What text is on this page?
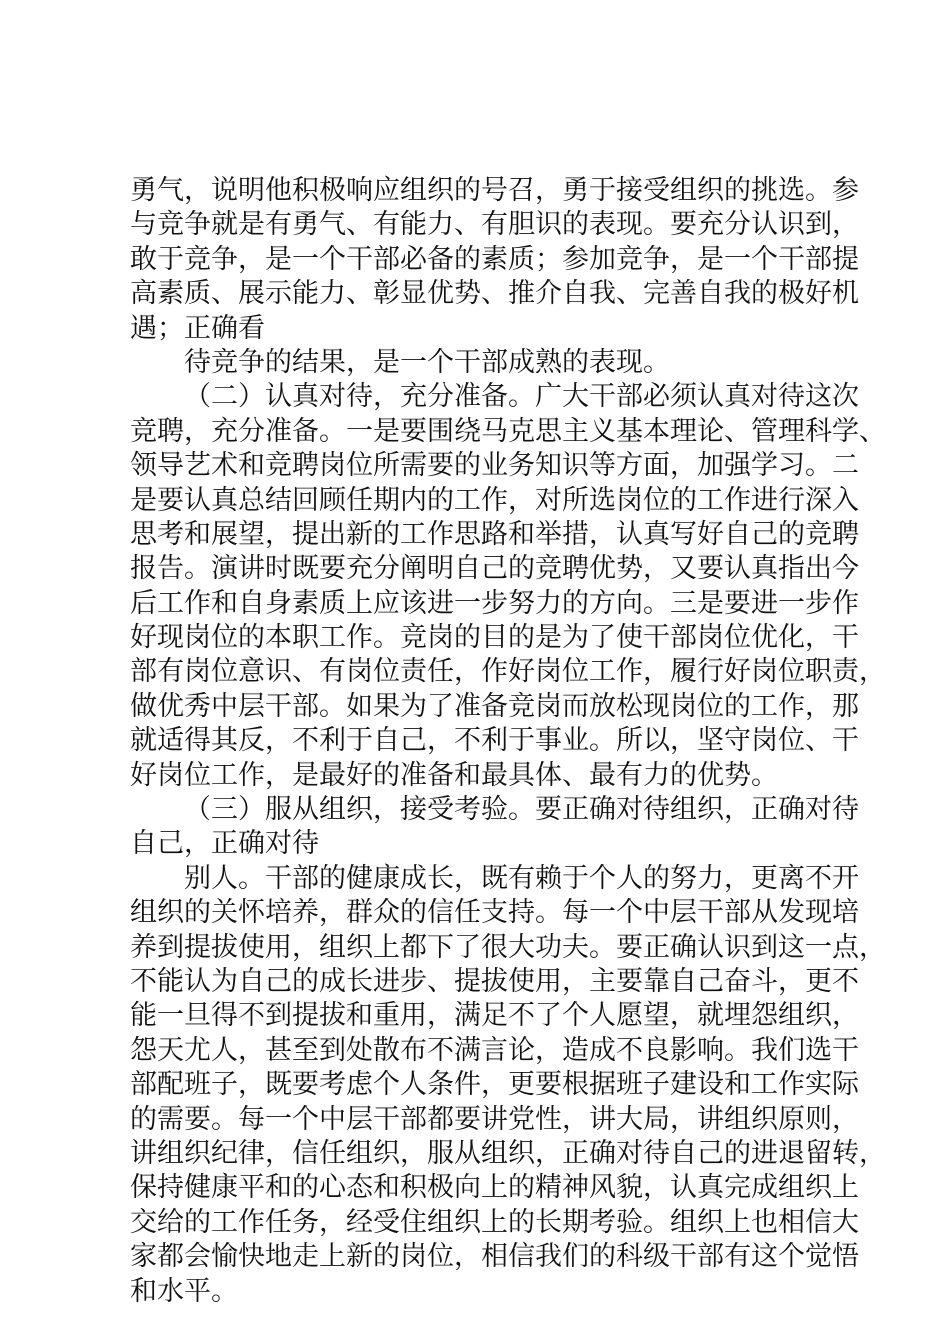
勇气，说明他积极响应组织的号召，勇于接受组织的挑选。参
与竞争就是有勇气、有能力、有胆识的表现。要充分认识到，
敢于竞争，是一个干部必备的素质；参加竞争，是一个干部提
高素质、展示能力、彰显优势、推介自我、完善自我的极好机
遇；正确看
待竞争的结果，是一个干部成熟的表现。
（二）认真对待，充分准备。广大干部必须认真对待这次
竞聘，充分准备。一是要围绕马克思主义基本理论、管理科学、
领导艺术和竞聘岗位所需要的业务知识等方面，加强学习。二
是要认真总结回顾任期内的工作，对所选岗位的工作进行深入
思考和展望，提出新的工作思路和举措，认真写好自己的竞聘
报告。演讲时既要充分阐明自己的竞聘优势，又要认真指出今
后工作和自身素质上应该进一步努力的方向。三是要进一步作
好现岗位的本职工作。竞岗的目的是为了使干部岗位优化，干
部有岗位意识、有岗位责任，作好岗位工作，履行好岗位职责，
做优秀中层干部。如果为了准备竞岗而放松现岗位的工作，那
就适得其反，不利于自己，不利于事业。所以，坚守岗位、干
好岗位工作，是最好的准备和最具体、最有力的优势。
（三）服从组织，接受考验。要正确对待组织，正确对待
自己，正确对待
别人。干部的健康成长，既有赖于个人的努力，更离不开
组织的关怀培养，群众的信任支持。每一个中层干部从发现培
养到提拔使用，组织上都下了很大功夫。要正确认识到这一点，
不能认为自己的成长进步、提拔使用，主要靠自己奋斗，更不
能一旦得不到提拔和重用，满足不了个人愿望，就埋怨组织，
怨天尤人，甚至到处散布不满言论，造成不良影响。我们选干
部配班子，既要考虑个人条件，更要根据班子建设和工作实际
的需要。每一个中层干部都要讲党性，讲大局，讲组织原则，
讲组织纪律，信任组织，服从组织，正确对待自己的进退留转，
保持健康平和的心态和积极向上的精神风貌，认真完成组织上
交给的工作任务，经受住组织上的长期考验。组织上也相信大
家都会愉快地走上新的岗位，相信我们的科级干部有这个觉悟
和水平。
